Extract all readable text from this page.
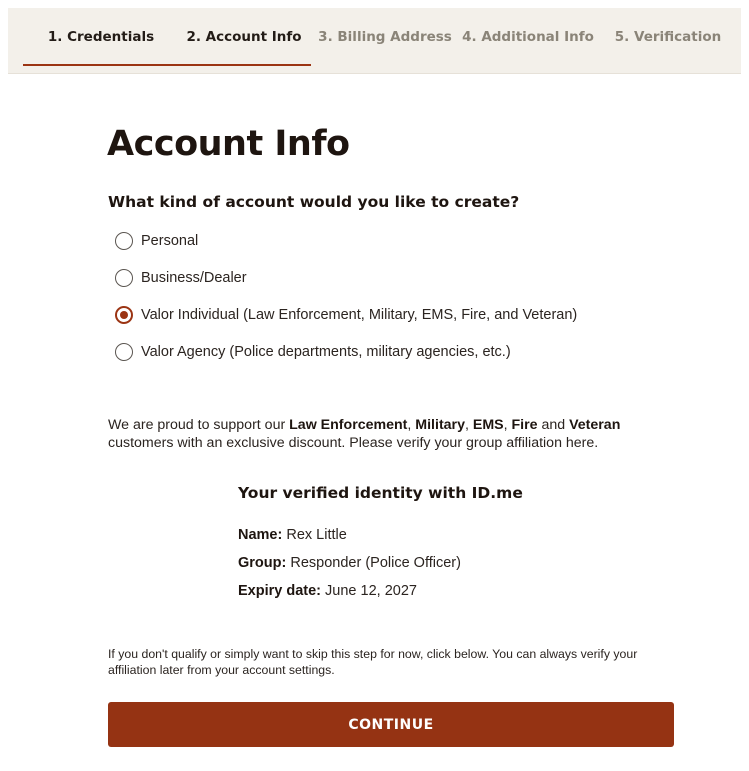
1. Credentials 2. Account Info 3. Billing Address 4. Additional Info 5. Verification
Account Info
What kind of account would you like to create?
Personal
Business/Dealer
Valor Individual (Law Enforcement, Military, EMS, Fire, and Veteran)
Valor Agency (Police departments, military agencies, etc.)

We are proud to support our Law Enforcement, Military, EMS, Fire and Veteran customers with an exclusive discount. Please verify your group affiliation here.

Your verified identity with ID.me
Name: Rex Little
Group: Responder (Police Officer)
Expiry date: June 12, 2027

If you don't qualify or simply want to skip this step for now, click below. You can always verify your affiliation later from your account settings.

CONTINUE
